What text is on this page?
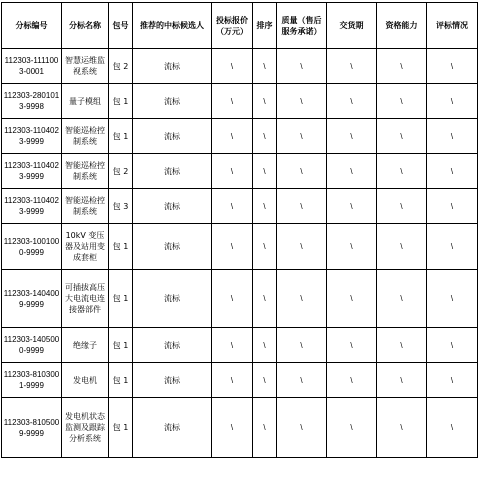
分标编号	分标名称	包号	推荐的中标候选人	投标报价（万元）	排序	质量（售后服务承诺）	交货期	资格能力	评标情况
112303-1111003-0001	智慧运维监视系统	包 2	流标	\	\	\	\	\	\
112303-2801013-9998	量子模组	包 1	流标	\	\	\	\	\	\
112303-1104023-9999	智能巡检控制系统	包 1	流标	\	\	\	\	\	\
112303-1104023-9999	智能巡检控制系统	包 2	流标	\	\	\	\	\	\
112303-1104023-9999	智能巡检控制系统	包 3	流标	\	\	\	\	\	\
112303-1001000-9999	10kV 变压器及站用变成套柜	包 1	流标	\	\	\	\	\	\
112303-1404009-9999	可插拔高压大电流电连接器部件	包 1	流标	\	\	\	\	\	\
112303-1405000-9999	绝缘子	包 1	流标	\	\	\	\	\	\
112303-8103001-9999	发电机	包 1	流标	\	\	\	\	\	\
112303-8105009-9999	发电机状态监测及跟踪分析系统	包 1	流标	\	\	\	\	\	\
